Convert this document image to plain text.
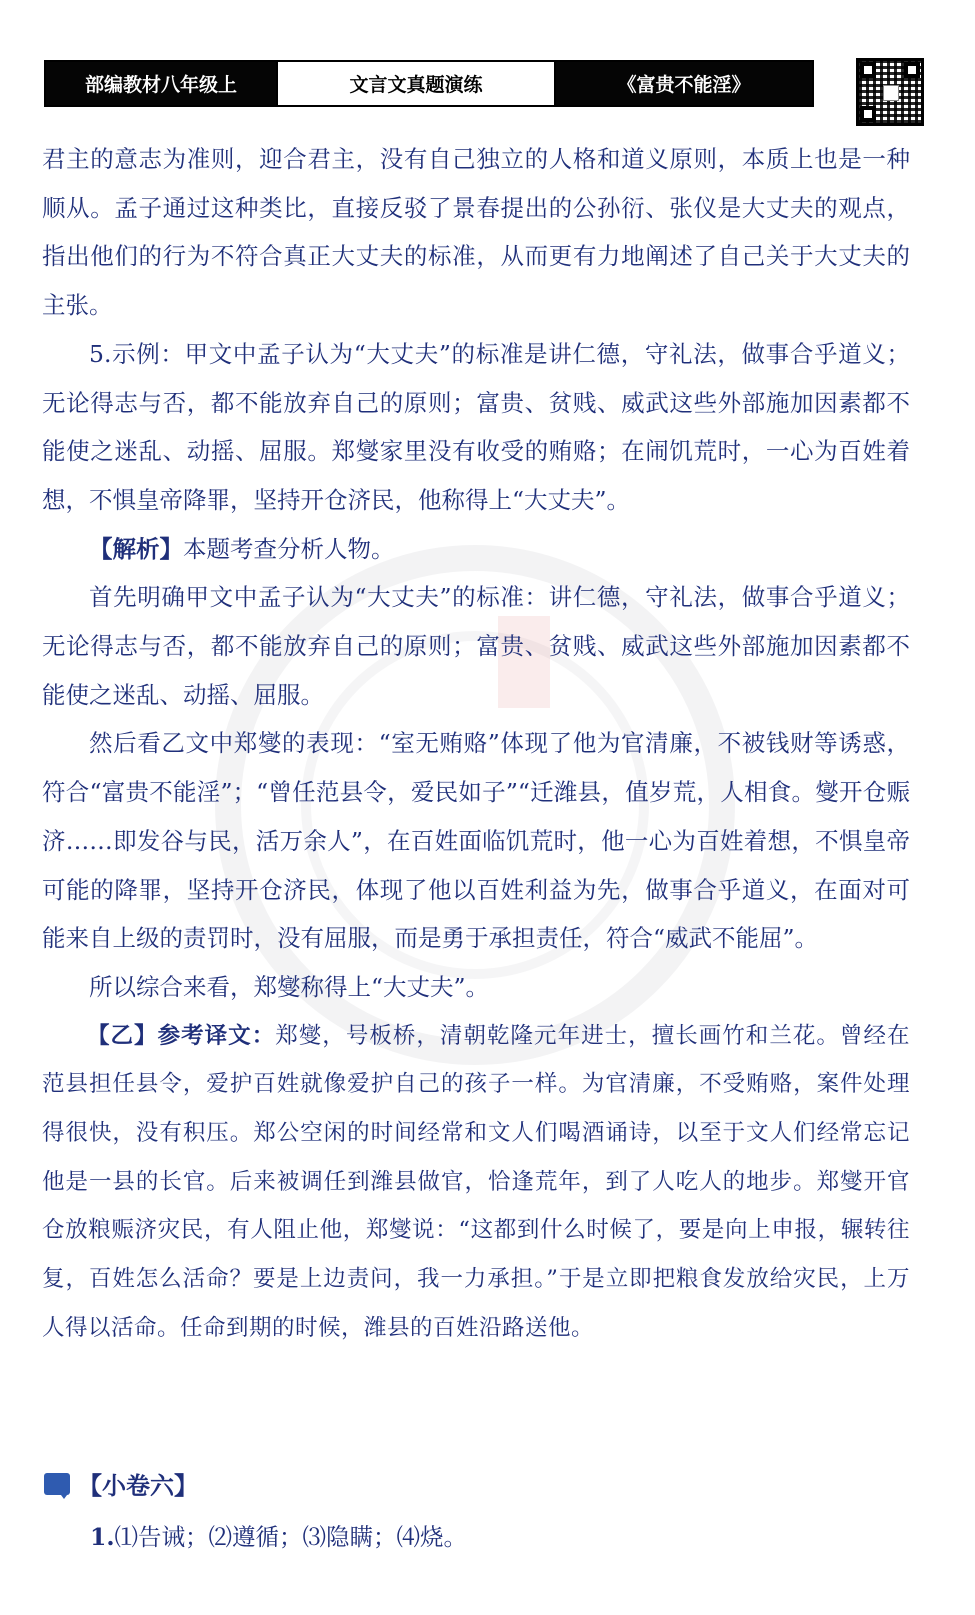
部编教材八年级上	文言文真题演练	《富贵不能淫》

君主的意志为准则，迎合君主，没有自己独立的人格和道义原则，本质上也是一种顺从。孟子通过这种类比，直接反驳了景春提出的公孙衍、张仪是大丈夫的观点，指出他们的行为不符合真正大丈夫的标准，从而更有力地阐述了自己关于大丈夫的主张。

5.示例：甲文中孟子认为“大丈夫”的标准是讲仁德，守礼法，做事合乎道义；无论得志与否，都不能放弃自己的原则；富贵、贫贱、威武这些外部施加因素都不能使之迷乱、动摇、屈服。郑燮家里没有收受的贿赂；在闹饥荒时，一心为百姓着想，不惧皇帝降罪，坚持开仓济民，他称得上“大丈夫”。

【解析】本题考查分析人物。

首先明确甲文中孟子认为“大丈夫”的标准：讲仁德，守礼法，做事合乎道义；无论得志与否，都不能放弃自己的原则；富贵、贫贱、威武这些外部施加因素都不能使之迷乱、动摇、屈服。

然后看乙文中郑燮的表现：“室无贿赂”体现了他为官清廉，不被钱财等诱惑，符合“富贵不能淫”；“曾任范县令，爱民如子”“迁潍县，值岁荒，人相食。燮开仓赈济……即发谷与民，活万余人”，在百姓面临饥荒时，他一心为百姓着想，不惧皇帝可能的降罪，坚持开仓济民，体现了他以百姓利益为先，做事合乎道义，在面对可能来自上级的责罚时，没有屈服，而是勇于承担责任，符合“威武不能屈”。

所以综合来看，郑燮称得上“大丈夫”。

【乙】参考译文：郑燮，号板桥，清朝乾隆元年进士，擅长画竹和兰花。曾经在范县担任县令，爱护百姓就像爱护自己的孩子一样。为官清廉，不受贿赂，案件处理得很快，没有积压。郑公空闲的时间经常和文人们喝酒诵诗，以至于文人们经常忘记他是一县的长官。后来被调任到潍县做官，恰逢荒年，到了人吃人的地步。郑燮开官仓放粮赈济灾民，有人阻止他，郑燮说：“这都到什么时候了，要是向上申报，辗转往复，百姓怎么活命？要是上边责问，我一力承担。”于是立即把粮食发放给灾民，上万人得以活命。任命到期的时候，潍县的百姓沿路送他。

【小卷六】
1.⑴告诫；⑵遵循；⑶隐瞒；⑷烧。
